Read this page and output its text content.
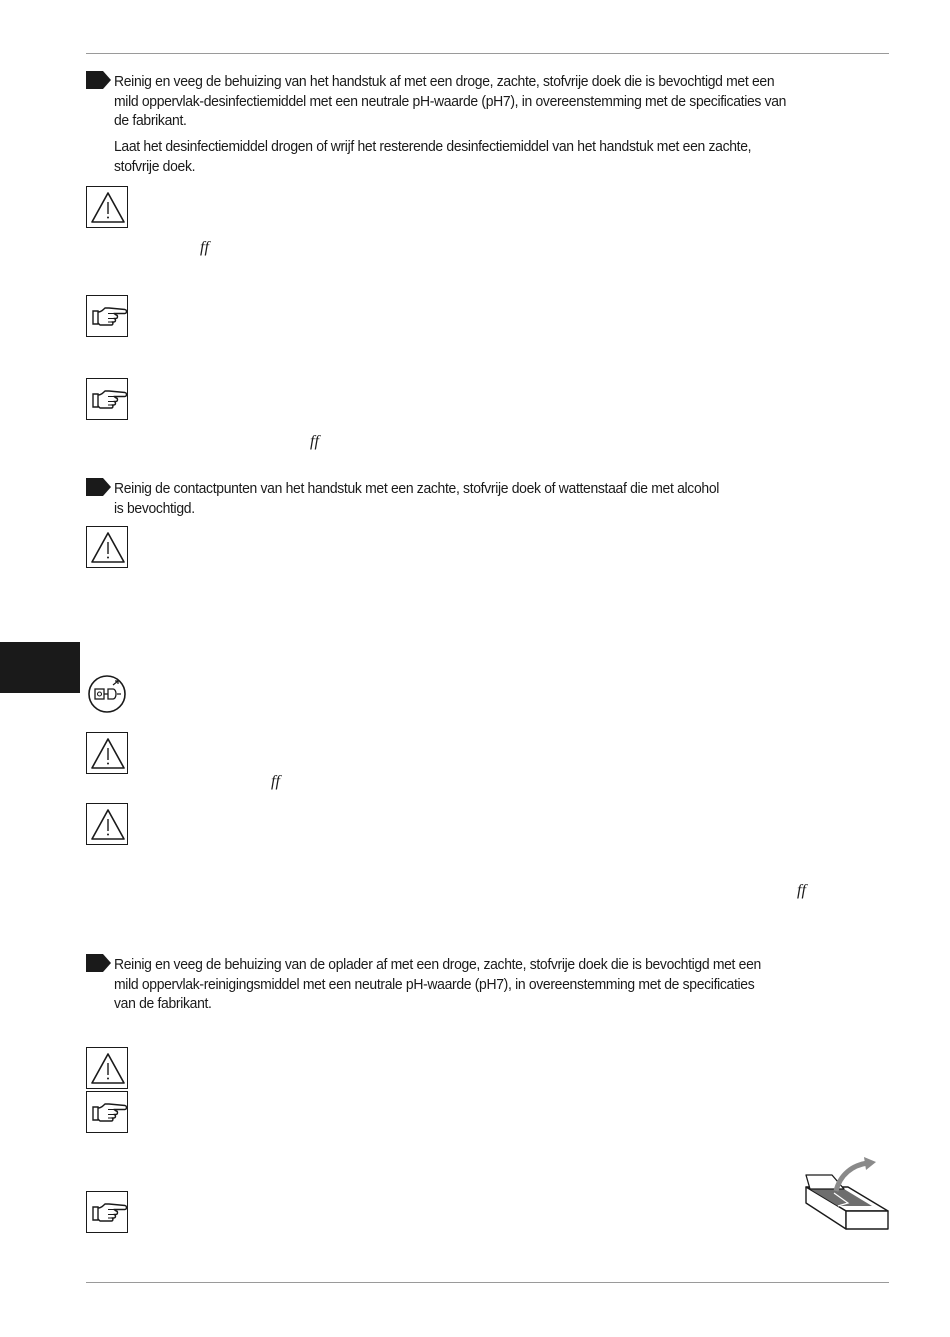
Reinig en veeg de behuizing van het handstuk af met een droge, zachte, stofvrije doek die is bevochtigd met een
mild oppervlak-desinfectiemiddel met een neutrale pH-waarde (pH7), in overeenstemming met de specificaties van
de fabrikant.

Laat het desinfectiemiddel drogen of wrijf het resterende desinfectiemiddel van het handstuk met een zachte,
stofvrije doek.

ff
ff

Reinig de contactpunten van het handstuk met een zachte, stofvrije doek of wattenstaaf die met alcohol
is bevochtigd.

ff
ff

Reinig en veeg de behuizing van de oplader af met een droge, zachte, stofvrije doek die is bevochtigd met een
mild oppervlak-reinigingsmiddel met een neutrale pH-waarde (pH7), in overeenstemming met de specificaties
van de fabrikant.
